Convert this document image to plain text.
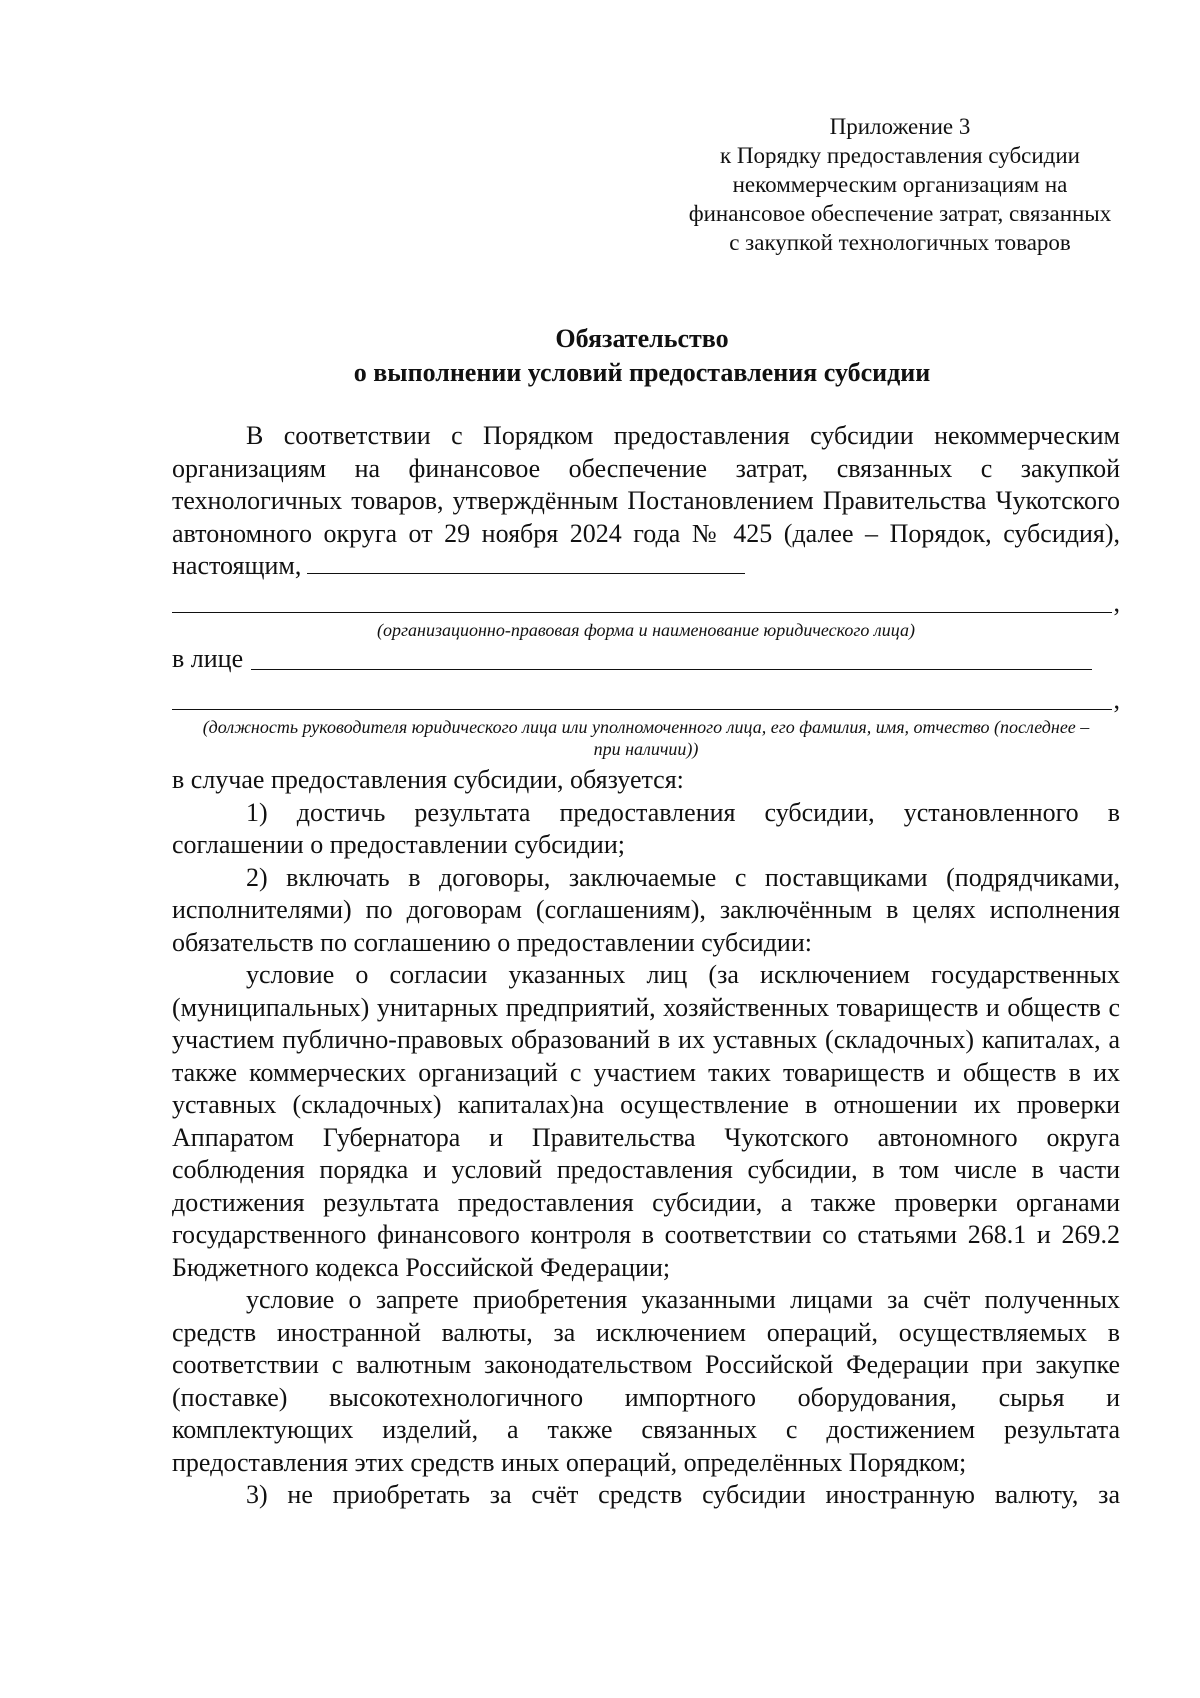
Приложение 3
к Порядку предоставления субсидии
некоммерческим организациям на
финансовое обеспечение затрат, связанных
с закупкой технологичных товаров
Обязательство
о выполнении условий предоставления субсидии

В соответствии с Порядком предоставления субсидии некоммерческим организациям на финансовое обеспечение затрат, связанных с закупкой технологичных товаров, утверждённым Постановлением Правительства Чукотского автономного округа от 29 ноября 2024 года № 425 (далее – Порядок, субсидия), настоящим,

,
(организационно-правовая форма и наименование юридического лица)
в лице
,
(должность руководителя юридического лица или уполномоченного лица, его фамилия, имя, отчество (последнее – при наличии))

в случае предоставления субсидии, обязуется:

1) достичь результата предоставления субсидии, установленного в соглашении о предоставлении субсидии;

2) включать в договоры, заключаемые с поставщиками (подрядчиками, исполнителями) по договорам (соглашениям), заключённым в целях исполнения обязательств по соглашению о предоставлении субсидии:

условие о согласии указанных лиц (за исключением государственных (муниципальных) унитарных предприятий, хозяйственных товариществ и обществ с участием публично-правовых образований в их уставных (складочных) капиталах, а также коммерческих организаций с участием таких товариществ и обществ в их уставных (складочных) капиталах)на осуществление в отношении их проверки Аппаратом Губернатора и Правительства Чукотского автономного округа соблюдения порядка и условий предоставления субсидии, в том числе в части достижения результата предоставления субсидии, а также проверки органами государственного финансового контроля в соответствии со статьями 268.1 и 269.2 Бюджетного кодекса Российской Федерации;

условие о запрете приобретения указанными лицами за счёт полученных средств иностранной валюты, за исключением операций, осуществляемых в соответствии с валютным законодательством Российской Федерации при закупке (поставке) высокотехнологичного импортного оборудования, сырья и комплектующих изделий, а также связанных с достижением результата предоставления этих средств иных операций, определённых Порядком;

3) не приобретать за счёт средств субсидии иностранную валюту, за
